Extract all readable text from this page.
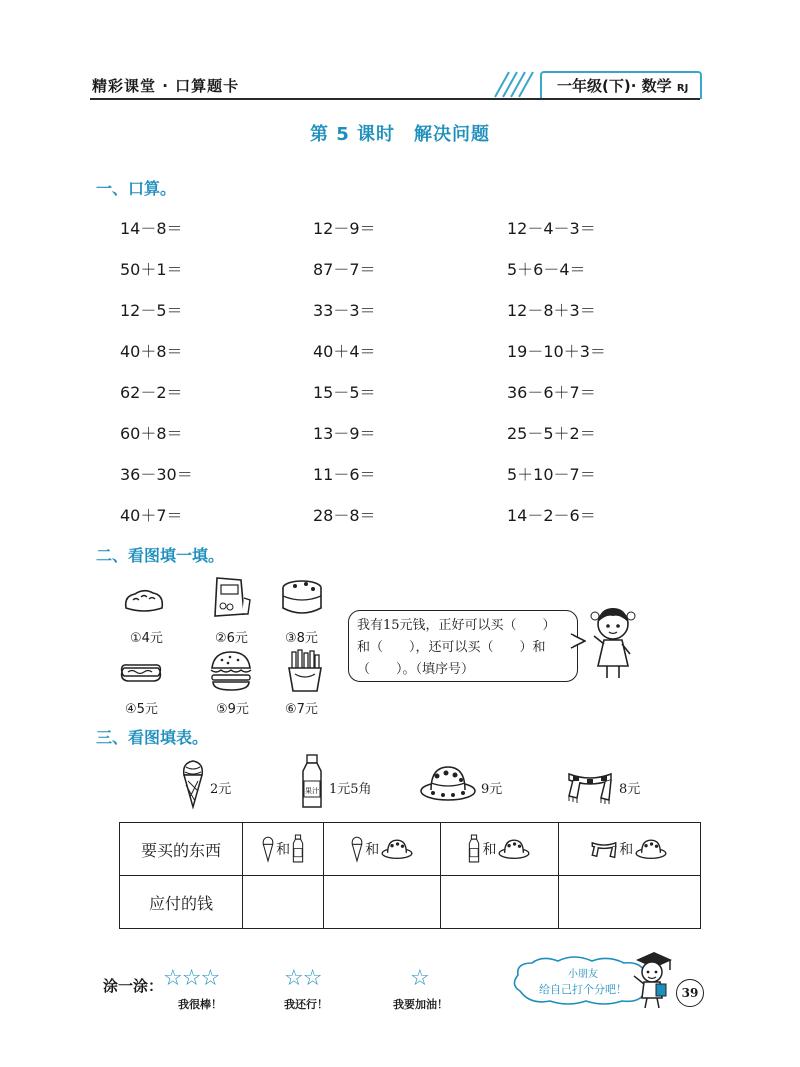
精彩课堂 · 口算题卡	一年级(下)· 数学 RJ
第 5 课时　解决问题
一、口算。
14－8＝	12－9＝	12－4－3＝
50＋1＝	87－7＝	5＋6－4＝
12－5＝	33－3＝	12－8＋3＝
40＋8＝	40＋4＝	19－10＋3＝
62－2＝	15－5＝	36－6＋7＝
60＋8＝	13－9＝	25－5＋2＝
36－30＝	11－6＝	5＋10－7＝
40＋7＝	28－8＝	14－2－6＝
二、看图填一填。
①4元	②6元	③8元
④5元	⑤9元	⑥7元
我有15元钱，正好可以买（　　）
和（　　），还可以买（　　）和
（　　）。（填序号）
三、看图填表。
2元	果汁 1元5角	9元	8元
要买的东西	和	和	和	和

应付的钱				
涂一涂： ☆☆☆
我很棒！
☆☆
我还行！
☆
我要加油！
小朋友
给自己打个分吧！	39
